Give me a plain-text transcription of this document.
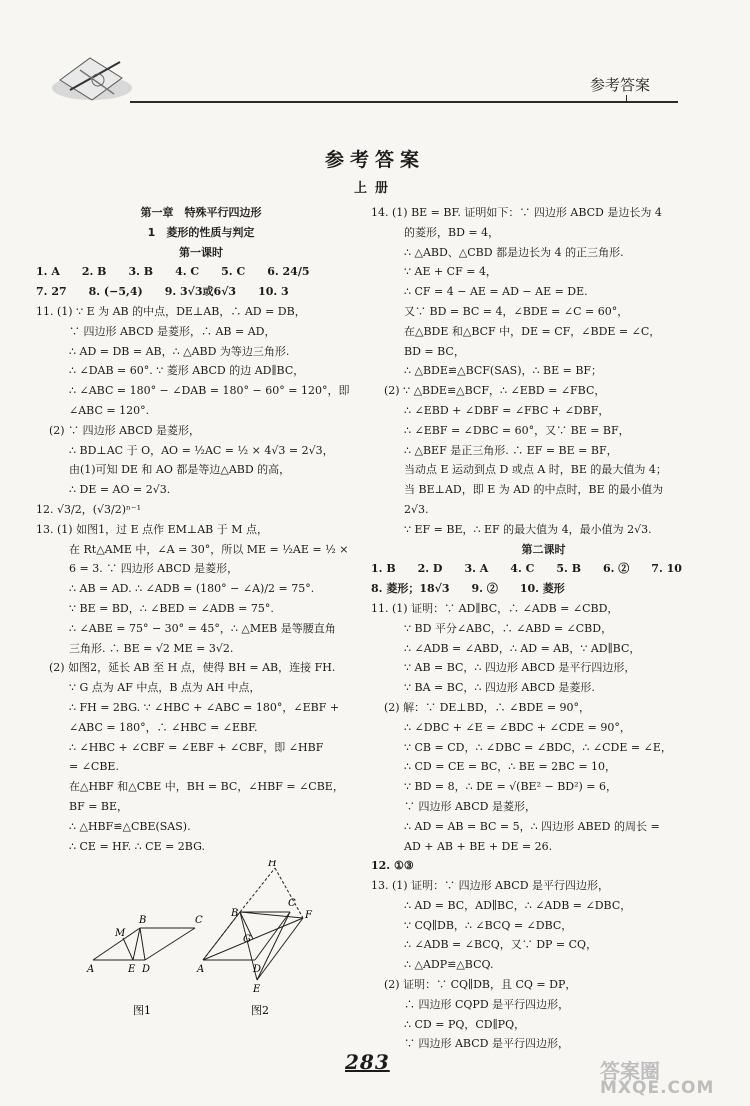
参考答案
参考答案
上册
第一章　特殊平行四边形
1　菱形的性质与判定
第一课时
1. A　　2. B　　3. B　　4. C　　5. C　　6. 24/5
7. 27　　8. (−5,4)　　9. 3√3或6√3　　10. 3
11. (1) ∵ E 为 AB 的中点，DE⊥AB，∴ AD = DB，
∵ 四边形 ABCD 是菱形，∴ AB = AD，
∴ AD = DB = AB，∴ △ABD 为等边三角形.
∴ ∠DAB = 60°. ∵ 菱形 ABCD 的边 AD∥BC，
∴ ∠ABC = 180° − ∠DAB = 180° − 60° = 120°，即
∠ABC = 120°.
(2) ∵ 四边形 ABCD 是菱形，
∴ BD⊥AC 于 O，AO = ½AC = ½ × 4√3 = 2√3，
由(1)可知 DE 和 AO 都是等边△ABD 的高，
∴ DE = AO = 2√3.
12. √3/2，(√3/2)ⁿ⁻¹
13. (1) 如图1，过 E 点作 EM⊥AB 于 M 点，
在 Rt△AME 中，∠A = 30°，所以 ME = ½AE = ½ ×
6 = 3. ∵ 四边形 ABCD 是菱形，
∴ AB = AD. ∴ ∠ADB = (180° − ∠A)/2 = 75°.
∵ BE = BD，∴ ∠BED = ∠ADB = 75°.
∴ ∠ABE = 75° − 30° = 45°，∴ △MEB 是等腰直角
三角形. ∴ BE = √2 ME = 3√2.
(2) 如图2，延长 AB 至 H 点，使得 BH = AB，连接 FH.
∵ G 点为 AF 中点，B 点为 AH 中点，
∴ FH = 2BG. ∵ ∠HBC + ∠ABC = 180°，∠EBF +
∠ABC = 180°，∴ ∠HBC = ∠EBF.
∴ ∠HBC + ∠CBF = ∠EBF + ∠CBF，即 ∠HBF
= ∠CBE.
在△HBF 和△CBE 中，BH = BC，∠HBF = ∠CBE，
BF = BE，
∴ △HBF≌△CBE(SAS).
∴ CE = HF. ∴ CE = 2BG.
B	C
M
A	E D
H
B
C
G
F
A	D
E
图1	图2
14. (1) BE = BF. 证明如下：∵ 四边形 ABCD 是边长为 4
的菱形，BD = 4，
∴ △ABD、△CBD 都是边长为 4 的正三角形.
∵ AE + CF = 4，
∴ CF = 4 − AE = AD − AE = DE.
又∵ BD = BC = 4，∠BDE = ∠C = 60°，
在△BDE 和△BCF 中，DE = CF，∠BDE = ∠C，
BD = BC，
∴ △BDE≌△BCF(SAS)，∴ BE = BF；
(2) ∵ △BDE≌△BCF，∴ ∠EBD = ∠FBC，
∴ ∠EBD + ∠DBF = ∠FBC + ∠DBF，
∴ ∠EBF = ∠DBC = 60°，又∵ BE = BF，
∴ △BEF 是正三角形. ∴ EF = BE = BF，
当动点 E 运动到点 D 或点 A 时，BE 的最大值为 4；
当 BE⊥AD，即 E 为 AD 的中点时，BE 的最小值为
2√3.
∵ EF = BE，∴ EF 的最大值为 4，最小值为 2√3.
第二课时
1. B　　2. D　　3. A　　4. C　　5. B　　6. ②　　7. 10
8. 菱形；18√3　　9. ②　　10. 菱形
11. (1) 证明：∵ AD∥BC，∴ ∠ADB = ∠CBD，
∵ BD 平分∠ABC，∴ ∠ABD = ∠CBD，
∴ ∠ADB = ∠ABD，∴ AD = AB，∵ AD∥BC，
∵ AB = BC，∴ 四边形 ABCD 是平行四边形，
∵ BA = BC，∴ 四边形 ABCD 是菱形.
(2) 解：∵ DE⊥BD，∴ ∠BDE = 90°，
∴ ∠DBC + ∠E = ∠BDC + ∠CDE = 90°，
∵ CB = CD，∴ ∠DBC = ∠BDC，∴ ∠CDE = ∠E，
∴ CD = CE = BC，∴ BE = 2BC = 10，
∵ BD = 8，∴ DE = √(BE² − BD²) = 6，
∵ 四边形 ABCD 是菱形，
∴ AD = AB = BC = 5，∴ 四边形 ABED 的周长 =
AD + AB + BE + DE = 26.
12. ①③
13. (1) 证明：∵ 四边形 ABCD 是平行四边形，
∴ AD = BC，AD∥BC，∴ ∠ADB = ∠DBC，
∵ CQ∥DB，∴ ∠BCQ = ∠DBC，
∴ ∠ADB = ∠BCQ，又∵ DP = CQ，
∴ △ADP≌△BCQ.
(2) 证明：∵ CQ∥DB，且 CQ = DP，
∴ 四边形 CQPD 是平行四边形，
∴ CD = PQ，CD∥PQ，
∵ 四边形 ABCD 是平行四边形，
283	答案圈
MXQE.COM
